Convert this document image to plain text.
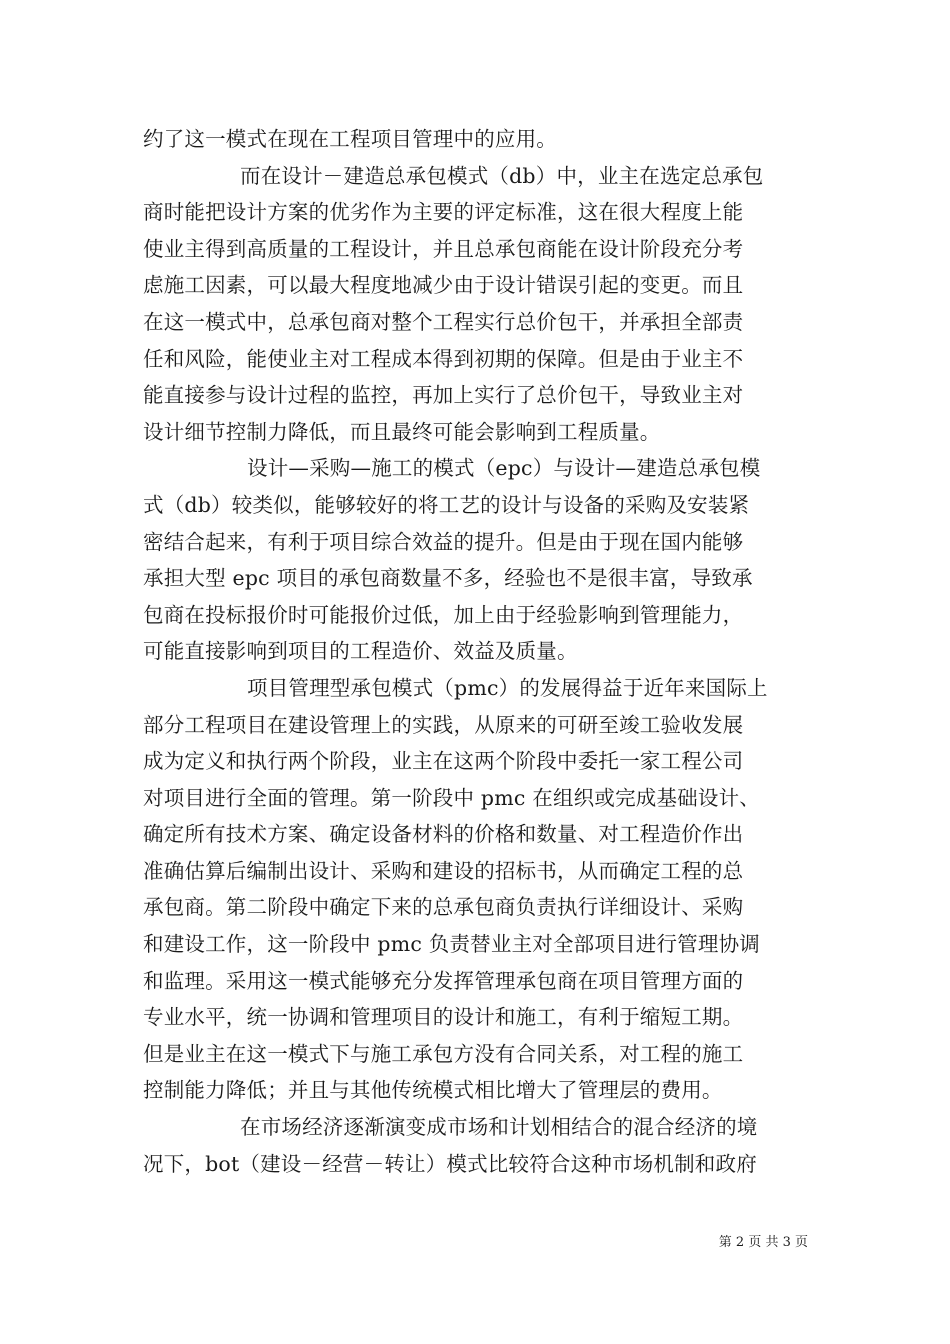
约了这一模式在现在工程项目管理中的应用。
而在设计－建造总承包模式（db）中，业主在选定总承包
商时能把设计方案的优劣作为主要的评定标准，这在很大程度上能
使业主得到高质量的工程设计，并且总承包商能在设计阶段充分考
虑施工因素，可以最大程度地减少由于设计错误引起的变更。而且
在这一模式中，总承包商对整个工程实行总价包干，并承担全部责
任和风险，能使业主对工程成本得到初期的保障。但是由于业主不
能直接参与设计过程的监控，再加上实行了总价包干，导致业主对
设计细节控制力降低，而且最终可能会影响到工程质量。
设计—采购—施工的模式（epc）与设计—建造总承包模
式（db）较类似，能够较好的将工艺的设计与设备的采购及安装紧
密结合起来，有利于项目综合效益的提升。但是由于现在国内能够
承担大型 epc 项目的承包商数量不多，经验也不是很丰富，导致承
包商在投标报价时可能报价过低，加上由于经验影响到管理能力，
可能直接影响到项目的工程造价、效益及质量。
项目管理型承包模式（pmc）的发展得益于近年来国际上
部分工程项目在建设管理上的实践，从原来的可研至竣工验收发展
成为定义和执行两个阶段，业主在这两个阶段中委托一家工程公司
对项目进行全面的管理。第一阶段中 pmc 在组织或完成基础设计、
确定所有技术方案、确定设备材料的价格和数量、对工程造价作出
准确估算后编制出设计、采购和建设的招标书，从而确定工程的总
承包商。第二阶段中确定下来的总承包商负责执行详细设计、采购
和建设工作，这一阶段中 pmc 负责替业主对全部项目进行管理协调
和监理。采用这一模式能够充分发挥管理承包商在项目管理方面的
专业水平，统一协调和管理项目的设计和施工，有利于缩短工期。
但是业主在这一模式下与施工承包方没有合同关系，对工程的施工
控制能力降低；并且与其他传统模式相比增大了管理层的费用。
在市场经济逐渐演变成市场和计划相结合的混合经济的境
况下，bot（建设－经营－转让）模式比较符合这种市场机制和政府
第 2 页 共 3 页
